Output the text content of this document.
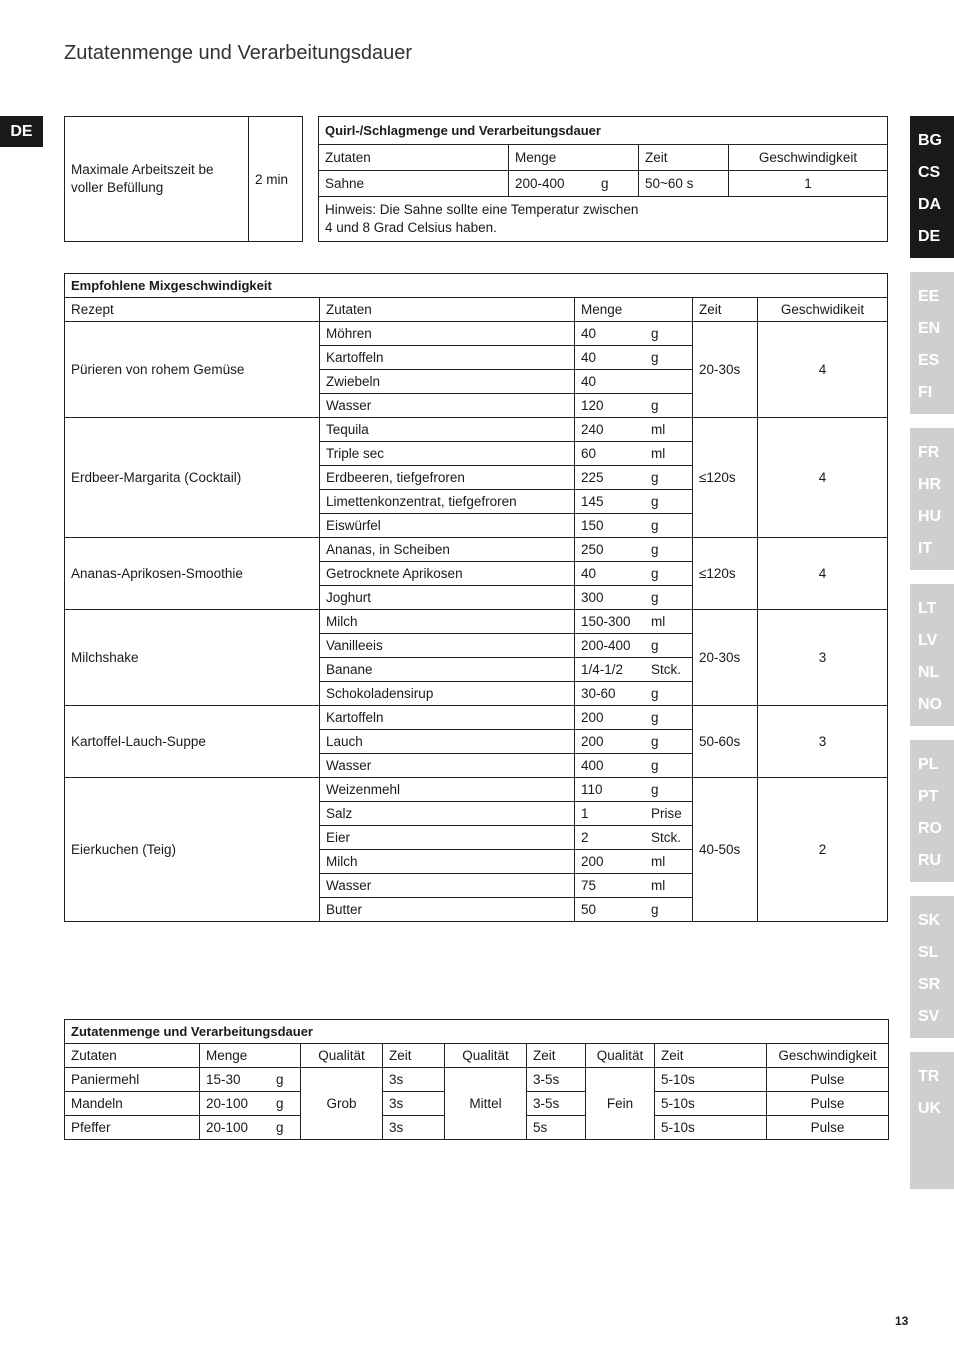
Zutatenmenge und Verarbeitungsdauer
DE
BG
CS
DA
DE
EE
EN
ES
FI
FR
HR
HU
IT
LT
LV
NL
NO
PL
PT
RO
RU
SK
SL
SR
SV
TR
UK
Maximale Arbeitszeit be voller Befüllung	2 min
Quirl-/Schlagmenge und Verarbeitungsdauer			
Zutaten	Menge	Zeit	Geschwindigkeit
Sahne	200-400 g	50~60 s	1

Hinweis: Die Sahne sollte eine Temperatur zwischen
4 und 8 Grad Celsius haben.			
Empfohlene Mixgeschwindigkeit				
Rezept	Zutaten	Menge	Zeit	Geschwidikeit
Pürieren von rohem Gemüse	Möhren	40 g	20-30s	4
	Kartoffeln	40 g		

	Zwiebeln	40		

	Wasser	120 g		

Erdbeer-Margarita (Cocktail)	Tequila	240 ml	≤120s	4
	Triple sec	60 ml		

	Erdbeeren, tiefgefroren	225 g		

	Limettenkonzentrat, tiefgefroren	145 g		

	Eiswürfel	150 g		

Ananas-Aprikosen-Smoothie	Ananas, in Scheiben	250 g	≤120s	4
	Getrocknete Aprikosen	40 g		

	Joghurt	300 g		

Milchshake	Milch	150-300 ml	20-30s	3
	Vanilleeis	200-400 g		

	Banane	1/4-1/2 Stck.		

	Schokoladensirup	30-60 g		

Kartoffel-Lauch-Suppe	Kartoffeln	200 g	50-60s	3
	Lauch	200 g		

	Wasser	400 g		

Eierkuchen (Teig)	Weizenmehl	110 g	40-50s	2
	Salz	1 Prise		

	Eier	2 Stck.		

	Milch	200 ml		

	Wasser	75 ml		

	Butter	50 g		
Zutatenmenge und Verarbeitungsdauer								
Zutaten	Menge	Qualität	Zeit	Qualität	Zeit	Qualität	Zeit	Geschwindigkeit
Paniermehl	15-30 g	Grob	3s	Mittel	3-5s	Fein	5-10s	Pulse
Mandeln	20-100 g		3s		3-5s		5-10s	Pulse
Pfeffer	20-100 g		3s		5s		5-10s	Pulse
13
